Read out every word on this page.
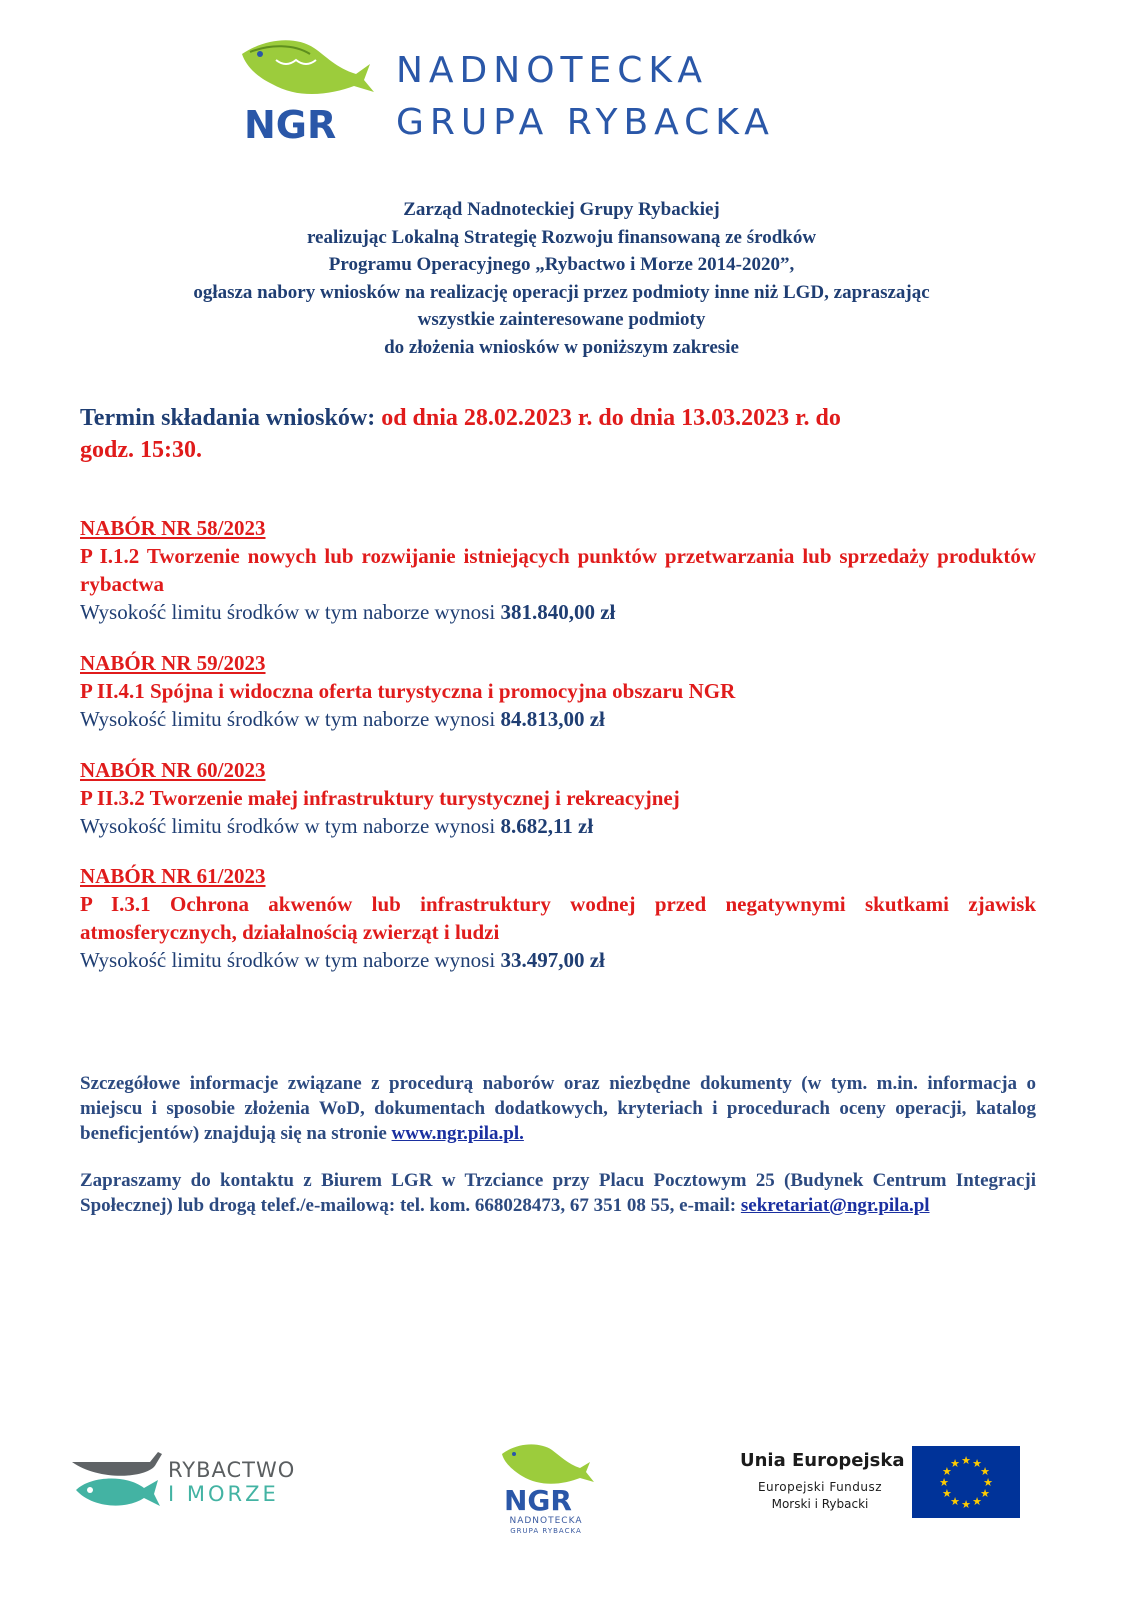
NGR
NADNOTECKA
GRUPA RYBACKA
Zarząd Nadnoteckiej Grupy Rybackiej
realizując Lokalną Strategię Rozwoju finansowaną ze środków
Programu Operacyjnego „Rybactwo i Morze 2014-2020”,
ogłasza nabory wniosków na realizację operacji przez podmioty inne niż LGD, zapraszając
wszystkie zainteresowane podmioty
do złożenia wniosków w poniższym zakresie
Termin składania wniosków: od dnia 28.02.2023 r. do dnia 13.03.2023 r. do
godz. 15:30.
NABÓR NR 58/2023
P I.1.2 Tworzenie nowych lub rozwijanie istniejących punktów przetwarzania lub sprzedaży produktów rybactwa
Wysokość limitu środków w tym naborze wynosi 381.840,00 zł
NABÓR NR 59/2023
P II.4.1 Spójna i widoczna oferta turystyczna i promocyjna obszaru NGR
Wysokość limitu środków w tym naborze wynosi 84.813,00 zł
NABÓR NR 60/2023
P II.3.2 Tworzenie małej infrastruktury turystycznej i rekreacyjnej
Wysokość limitu środków w tym naborze wynosi 8.682,11 zł
NABÓR NR 61/2023
P I.3.1 Ochrona akwenów lub infrastruktury wodnej przed negatywnymi skutkami zjawisk atmosferycznych, działalnością zwierząt i ludzi
Wysokość limitu środków w tym naborze wynosi 33.497,00 zł
Szczegółowe informacje związane z procedurą naborów oraz niezbędne dokumenty (w tym. m.in. informacja o miejscu i sposobie złożenia WoD, dokumentach dodatkowych, kryteriach i procedurach oceny operacji, katalog beneficjentów) znajdują się na stronie www.ngr.pila.pl.
Zapraszamy do kontaktu z Biurem LGR w Trzciance przy Placu Pocztowym 25 (Budynek Centrum Integracji Społecznej) lub drogą telef./e-mailową: tel. kom. 668028473, 67 351 08 55, e-mail: sekretariat@ngr.pila.pl
RYBACTWO
I MORZE	NGR
NADNOTECKA
GRUPA RYBACKA
Unia Europejska
Europejski Fundusz
Morski i Rybacki
★ ★
★
★
★
★
★
★
★
★
★
★
